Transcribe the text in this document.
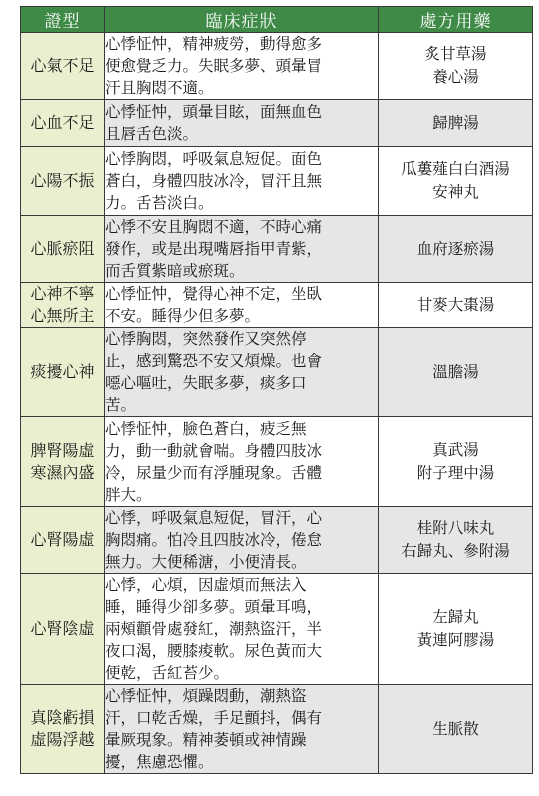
證型	臨床症狀	處方用藥

心氣不足	心悸怔忡，精神疲勞，動得愈多
便愈覺乏力。失眠多夢、頭暈冒
汗且胸悶不適。	炙甘草湯
養心湯

心血不足	心悸怔忡，頭暈目眩，面無血色
且唇舌色淡。	歸脾湯

心陽不振	心悸胸悶，呼吸氣息短促。面色
蒼白，身體四肢冰冷，冒汗且無
力。舌苔淡白。	瓜蔞薤白白酒湯
安神丸

心脈瘀阻	心悸不安且胸悶不適，不時心痛
發作，或是出現嘴唇指甲青紫，
而舌質紫暗或瘀斑。	血府逐瘀湯

心神不寧
心無所主	心悸怔忡，覺得心神不定，坐臥
不安。睡得少但多夢。	甘麥大棗湯

痰擾心神	心悸胸悶，突然發作又突然停
止，感到驚恐不安又煩燥。也會
噁心嘔吐，失眠多夢，痰多口
苦。	溫膽湯

脾腎陽虛
寒濕內盛	心悸怔忡，臉色蒼白，疲乏無
力，動一動就會喘。身體四肢冰
冷，尿量少而有浮腫現象。舌體
胖大。	真武湯
附子理中湯

心腎陽虛	心悸，呼吸氣息短促，冒汗，心
胸悶痛。怕冷且四肢冰冷，倦怠
無力。大便稀溏，小便清長。	桂附八味丸
右歸丸、參附湯

心腎陰虛	心悸，心煩，因虛煩而無法入
睡，睡得少卻多夢。頭暈耳鳴，
兩頰顴骨處發紅，潮熱盜汗，半
夜口渴，腰膝痠軟。尿色黃而大
便乾，舌紅苔少。	左歸丸
黃連阿膠湯

真陰虧損
虛陽浮越	心悸怔忡，煩躁悶動，潮熱盜
汗，口乾舌燥，手足顫抖，偶有
暈厥現象。精神萎頓或神情躁
擾，焦慮恐懼。	生脈散
